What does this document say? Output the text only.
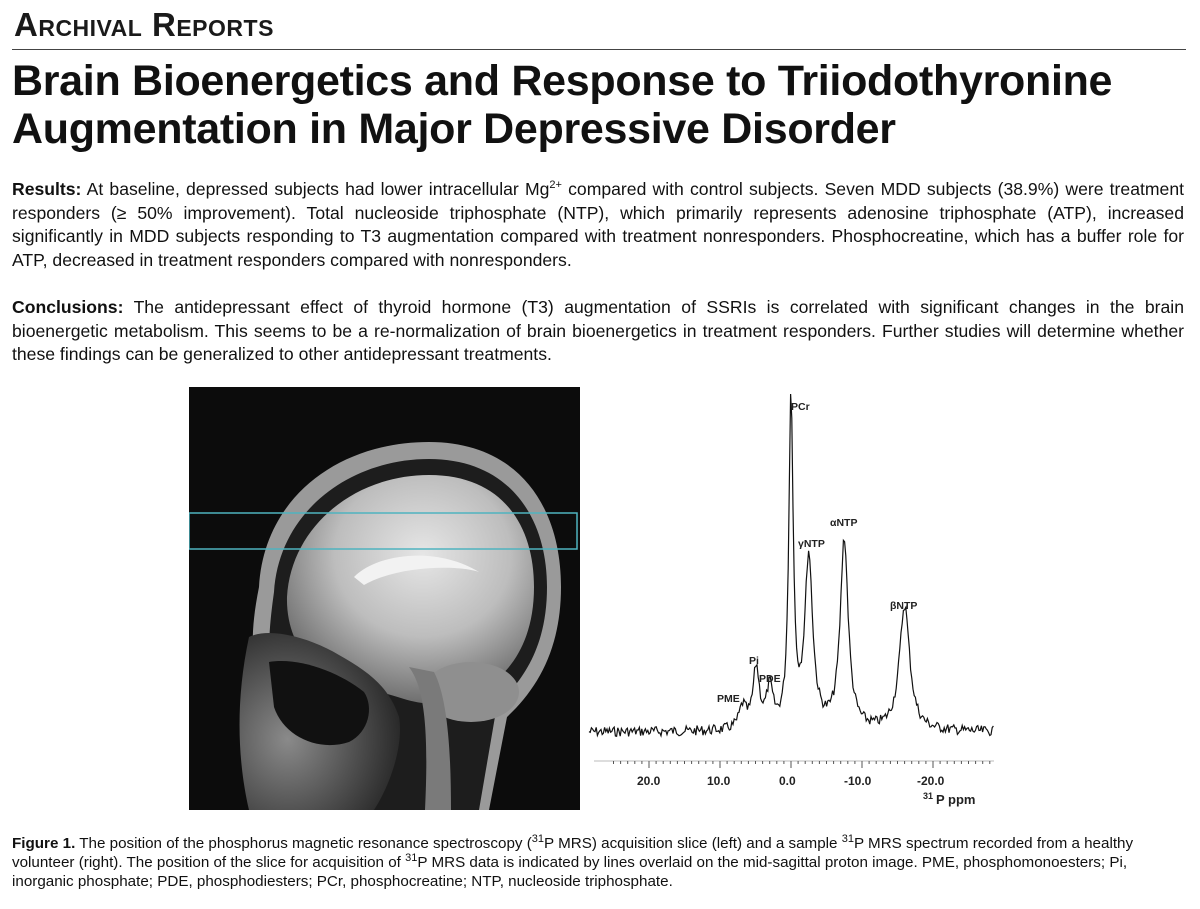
Archival Reports
Brain Bioenergetics and Response to Triiodothyronine Augmentation in Major Depressive Disorder
Results: At baseline, depressed subjects had lower intracellular $Mg^{2+}$ compared with control subjects. Seven MDD subjects (38.9%) were treatment responders (≥ 50% improvement). Total nucleoside triphosphate (NTP), which primarily represents adenosine triphosphate (ATP), increased significantly in MDD subjects responding to T3 augmentation compared with treatment nonresponders. Phosphocreatine, which has a buffer role for ATP, decreased in treatment responders compared with nonresponders.
Conclusions: The antidepressant effect of thyroid hormone (T3) augmentation of SSRIs is correlated with significant changes in the brain bioenergetic metabolism. This seems to be a re-normalization of brain bioenergetics in treatment responders. Further studies will determine whether these findings can be generalized to other antidepressant treatments.
PCr
αNTP
γNTP
βNTP
Pi
PDE
PME
20.0	10.0	0.0	-10.0	-20.0
31 P ppm
Figure 1. The position of the phosphorus magnetic resonance spectroscopy ($^{31}$P MRS) acquisition slice (left) and a sample $^{31}$P MRS spectrum recorded from a healthy volunteer (right). The position of the slice for acquisition of $^{31}$P MRS data is indicated by lines overlaid on the mid-sagittal proton image. PME, phosphomonoesters; Pi, inorganic phosphate; PDE, phosphodiesters; PCr, phosphocreatine; NTP, nucleoside triphosphate.
